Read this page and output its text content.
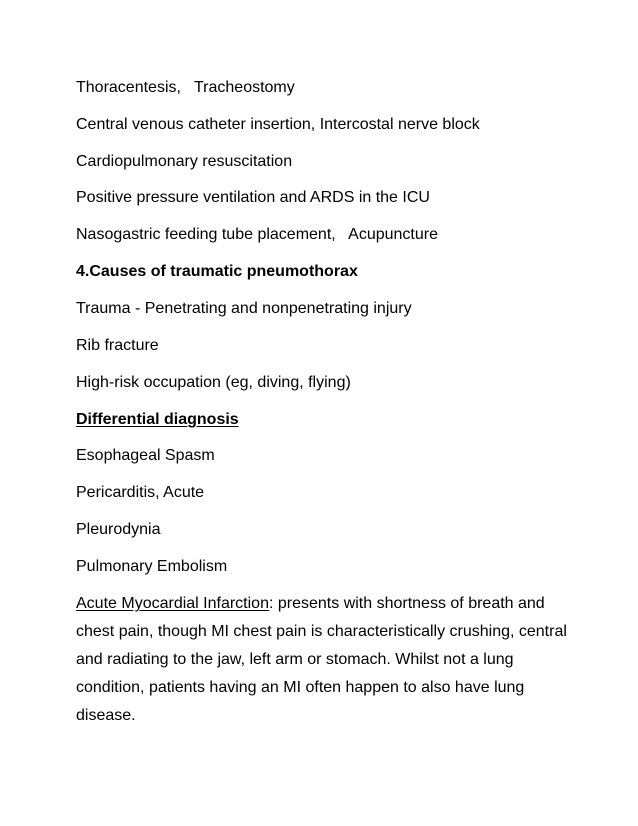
Thoracentesis,   Tracheostomy

Central venous catheter insertion, Intercostal nerve block

Cardiopulmonary resuscitation

Positive pressure ventilation and ARDS in the ICU

Nasogastric feeding tube placement,   Acupuncture

4.Causes of traumatic pneumothorax

Trauma - Penetrating and nonpenetrating injury

Rib fracture

High-risk occupation (eg, diving, flying)

Differential diagnosis

Esophageal Spasm

Pericarditis, Acute

Pleurodynia

Pulmonary Embolism

Acute Myocardial Infarction: presents with shortness of breath and chest pain, though MI chest pain is characteristically crushing, central and radiating to the jaw, left arm or stomach. Whilst not a lung condition, patients having an MI often happen to also have lung disease.
